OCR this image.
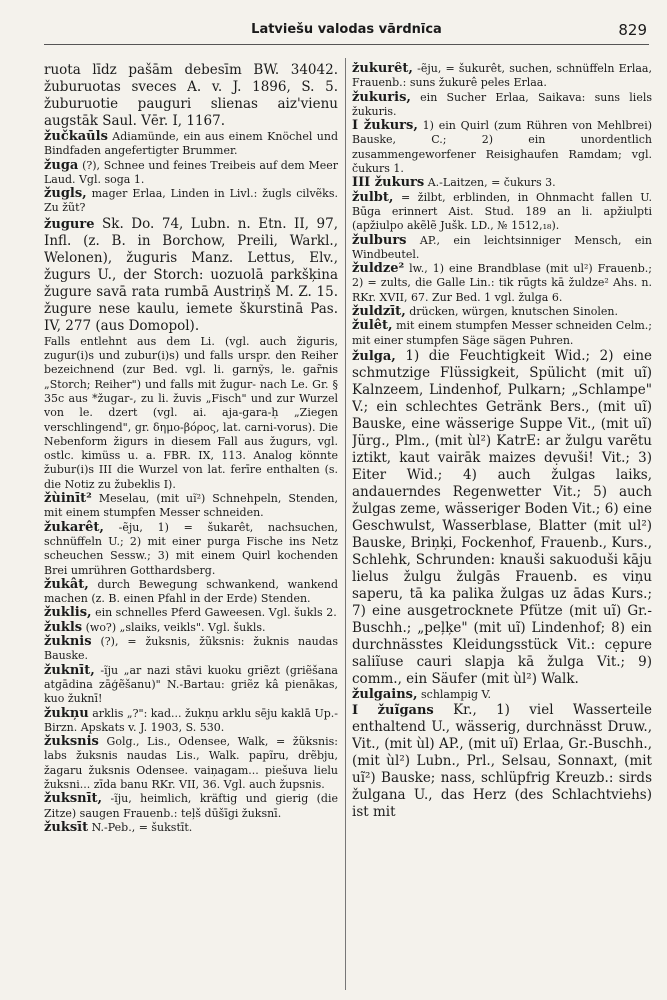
Latviešu valodas vārdnīca	829

ruota līdz pašām debesīm BW. 34042. žuburuotas sveces A. v. J. 1896, S. 5. žuburuotie pauguri slienas aiz'vienu augstāk Saul. Vēr. I, 1167.

žučkaūls Adiamünde, ein aus einem Knöchel und Bindfaden angefertigter Brummer.

žuga (?), Schnee und feines Treibeis auf dem Meer Laud. Vgl. soga 1.

žugls, mager Erlaa, Linden in Livl.: žugls cilvẽks. Zu žũt?

žugure Sk. Do. 74, Lubn. n. Etn. II, 97, Infl. (z. B. in Borchow, Preili, Warkl., Welonen), žuguris Manz. Lettus, Elv., žugurs U., der Storch: uozuolā parkšķina žugure savā rata rumbā Austriņš M. Z. 15. žugure nese kaulu, iemete škurstinā Pas. IV, 277 (aus Domopol).

Falls entlehnt aus dem Li. (vgl. auch žiguris, zugur(i)s und zubur(i)s) und falls urspr. den Reiher bezeichnend (zur Bed. vgl. li. garnỹs, le. gar̃nis „Storch; Reiher") und falls mit žugur- nach Le. Gr. § 35c aus *žugar-, zu li. žuvis „Fisch" und zur Wurzel von le. dzert (vgl. ai. aja-gara-ḥ „Ziegen verschlingend", gr. δημο-βόρος, lat. carni-vorus). Die Nebenform žigurs in diesem Fall aus žugurs, vgl. ostlc. kimüss u. a. FBR. IX, 113. Analog könnte žubur(i)s III die Wurzel von lat. ferīre enthalten (s. die Notiz zu žubeklis I).

žùinīt² Meselau, (mit uĩ²) Schnehpeln, Stenden, mit einem stumpfen Messer schneiden.

žukarêt, -ẽju, 1) = šukarêt, nachsuchen, schnüffeln U.; 2) mit einer purga Fische ins Netz scheuchen Sessw.; 3) mit einem Quirl kochenden Brei umrühren Gotthardsberg.

žukât, durch Bewegung schwankend, wankend machen (z. B. einen Pfahl in der Erde) Stenden.

žuklis, ein schnelles Pferd Gaweesen. Vgl. šukls 2.

žukls (wo?) „slaiks, veikls". Vgl. šukls.

žuknis (?), = žuksnis, žũksnis: žuknis naudas Bauske.

žuknīt, -ĩju „ar nazi stāvi kuoku griẽzt (griẽšana atgādina zāģẽšanu)" N.-Bartau: griẽz kâ pienākas, kuo žuknī!

žukņu arklis „?": kad... žukņu arklu sēju kaklā Up.-Birzn. Apskats v. J. 1903, S. 530.

žuksnis Golg., Lis., Odensee, Walk, = žũksnis: labs žuksnis naudas Lis., Walk. papĩru, drẽbju, žagaru žuksnis Odensee. vaiņagam... piešuva lielu žuksni... zīda banu RKr. VII, 36. Vgl. auch župsnis.

žuksnīt, -ĩju, heimlich, kräftig und gierig (die Zitze) saugen Frauenb.: teļš dūšīgi žuksnī.

žuksīt N.-Peb., = šukstīt.

žukurêt, -ẽju, = šukurêt, suchen, schnüffeln Erlaa, Frauenb.: suns žukurê peles Erlaa.

žukuris, ein Sucher Erlaa, Saikava: suns liels žukuris.

I žukurs, 1) ein Quirl (zum Rühren von Mehlbrei) Bauske, C.; 2) ein unordentlich zusammengeworfener Reisighaufen Ramdam; vgl. čukurs 1.

III žukurs A.-Laitzen, = čukurs 3.

žulbt, = žilbt, erblinden, in Ohnmacht fallen U. Būga erinnert Aist. Stud. 189 an li. apžiulpti (apžiulpo akẽlẽ Jušk. LD., № 1512,₁₈).

žulburs AP., ein leichtsinniger Mensch, ein Windbeutel.

žuldze² lw., 1) eine Brandblase (mit ul²) Frauenb.; 2) = zults, die Galle Lin.: tik rūgts kā žuldze² Ahs. n. RKr. XVII, 67. Zur Bed. 1 vgl. žulga 6.

žuldzīt, drücken, würgen, knutschen Sinolen.

žulêt, mit einem stumpfen Messer schneiden Celm.; mit einer stumpfen Säge sägen Puhren.

žulga, 1) die Feuchtigkeit Wid.; 2) eine schmutzige Flüssigkeit, Spülicht (mit uĩ) Kalnzeem, Lindenhof, Pulkarn; „Schlampe" V.; ein schlechtes Getränk Bers., (mit uĩ) Bauske, eine wässerige Suppe Vit., (mit uĩ) Jürg., Plm., (mit ùl²) KatrE: ar žulgu varẽtu iztikt, kaut vairāk maizes dẹvuši! Vit.; 3) Eiter Wid.; 4) auch žulgas laiks, andauerndes Regenwetter Vit.; 5) auch žulgas zeme, wässeriger Boden Vit.; 6) eine Geschwulst, Wasserblase, Blatter (mit ul²) Bauske, Briņķi, Fockenhof, Frauenb., Kurs., Schlehk, Schrunden: knauši sakuoduši kāju lielus žulgu žulgās Frauenb. es viņu saperu, tā ka palika žulgas uz ādas Kurs.; 7) eine ausgetrocknete Pfütze (mit uĩ) Gr.-Buschh.; „peļķe" (mit uĩ) Lindenhof; 8) ein durchnässtes Kleidungsstück Vit.: cẹpure saliĩuse cauri slapja kā žulga Vit.; 9) comm., ein Säufer (mit ùl²) Walk.

žulgains, schlampig V.

I žuĩgans Kr., 1) viel Wasserteile enthaltend U., wässerig, durchnässt Druw., Vit., (mit ùl) AP., (mit uĩ) Erlaa, Gr.-Buschh., (mit ùl²) Lubn., Prl., Selsau, Sonnaxt, (mit uĩ²) Bauske; nass, schlüpfrig Kreuzb.: sirds žulgana U., das Herz (des Schlachtviehs) ist mit
